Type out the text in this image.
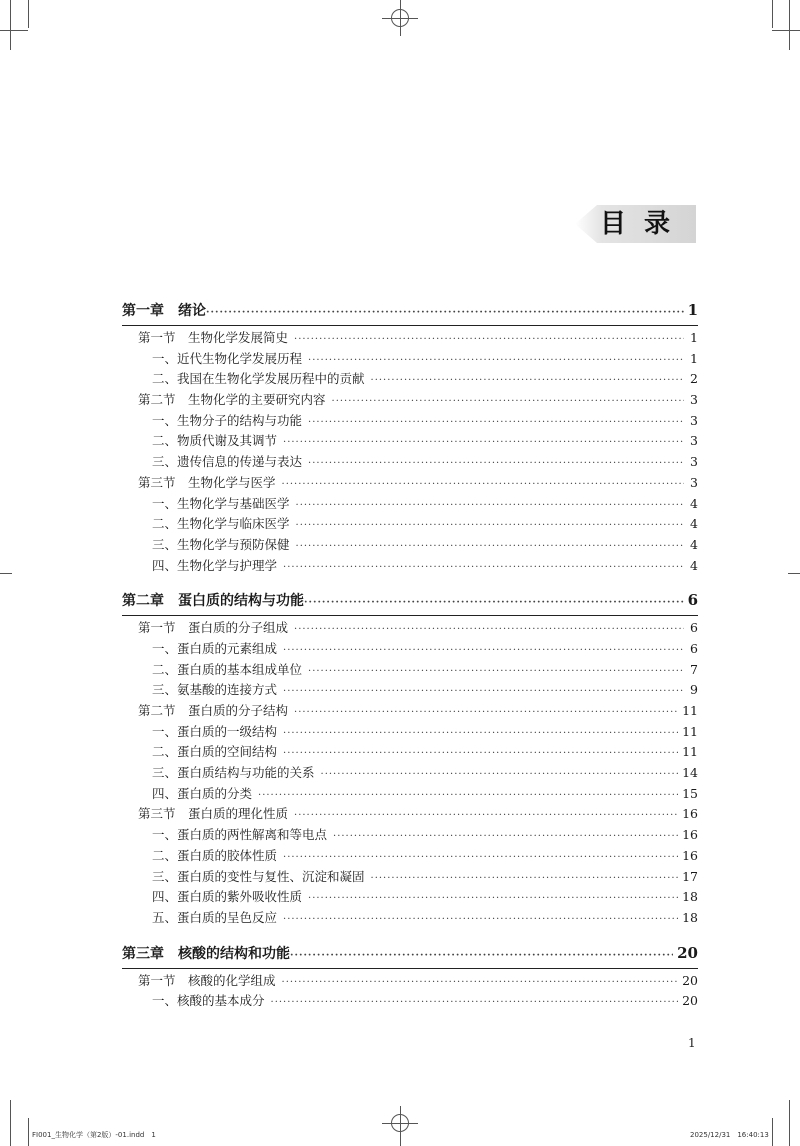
目录
第一章　绪论 ·····	1
第一节　生物化学发展简史 ·····	1
一、近代生物化学发展历程 ·····	1
二、我国在生物化学发展历程中的贡献 ·····	2
第二节　生物化学的主要研究内容 ·····	3
一、生物分子的结构与功能 ·····	3
二、物质代谢及其调节 ·····	3
三、遗传信息的传递与表达 ·····	3
第三节　生物化学与医学 ·····	3
一、生物化学与基础医学 ·····	4
二、生物化学与临床医学 ·····	4
三、生物化学与预防保健 ·····	4
四、生物化学与护理学 ·····	4
第二章　蛋白质的结构与功能 ·····	6
第一节　蛋白质的分子组成 ·····	6
一、蛋白质的元素组成 ·····	6
二、蛋白质的基本组成单位 ·····	7
三、氨基酸的连接方式 ·····	9
第二节　蛋白质的分子结构 ·····	11
一、蛋白质的一级结构 ·····	11
二、蛋白质的空间结构 ·····	11
三、蛋白质结构与功能的关系 ·····	14
四、蛋白质的分类 ·····	15
第三节　蛋白质的理化性质 ·····	16
一、蛋白质的两性解离和等电点 ·····	16
二、蛋白质的胶体性质 ·····	16
三、蛋白质的变性与复性、沉淀和凝固 ·····	17
四、蛋白质的紫外吸收性质 ·····	18
五、蛋白质的呈色反应 ·····	18
第三章　核酸的结构和功能 ·····	20
第一节　核酸的化学组成 ·····	20
一、核酸的基本成分 ·····	20
1
FI001_生物化学（第2版）-01.indd　1	2025/12/31　16:40:13
